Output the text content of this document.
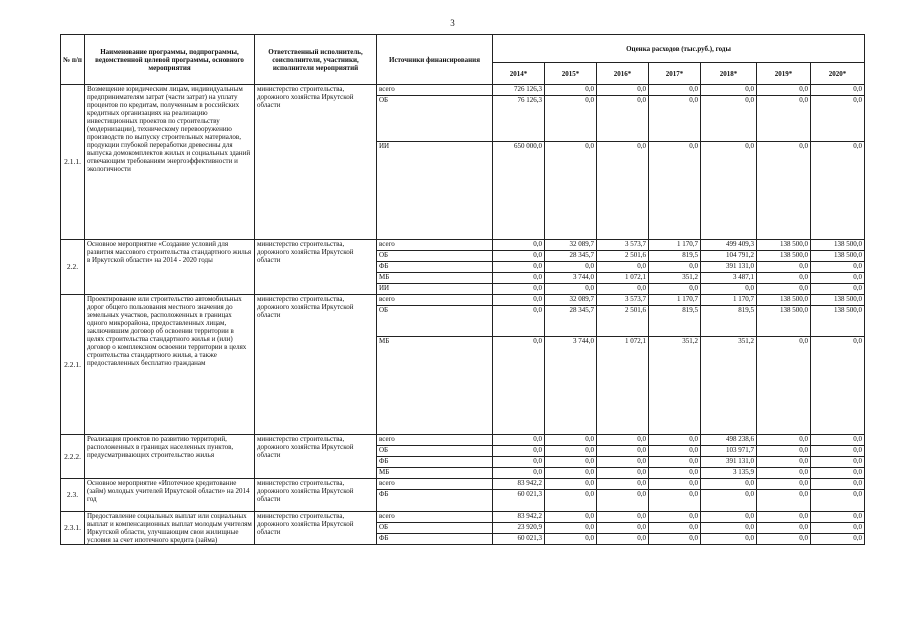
3
№ п/п	Наименование программы, подпрограммы, ведомственной целевой программы, основного мероприятия	Ответственный исполнитель, соисполнители, участники, исполнители мероприятий	Источники финансирования	Оценка расходов (тыс.руб.), годы						
				2014*	2015*	2016*	2017*	2018*	2019*	2020*
2.1.1.	Возмещение юридическим лицам, индивидуальным предпринимателям затрат (части затрат) на уплату процентов по кредитам, полученным в российских кредитных организациях на реализацию инвестиционных проектов по строительству (модернизации), техническому перевооружению производств по выпуску строительных материалов, продукции глубокой переработки древесины для выпуска домокомплектов жилых и социальных зданий отвечающим требованиям энергоэффективности и экологичности	министерство строительства, дорожного хозяйства Иркутской области	всего	726 126,3	0,0	0,0	0,0	0,0	0,0	0,0
			ОБ	76 126,3	0,0	0,0	0,0	0,0	0,0	0,0
			ИИ	650 000,0	0,0	0,0	0,0	0,0	0,0	0,0
2.2.	Основное мероприятие «Создание условий для развития массового строительства стандартного жилья в Иркутской области» на 2014 - 2020 годы	министерство строительства, дорожного хозяйства Иркутской области	всего	0,0	32 089,7	3 573,7	1 170,7	499 409,3	138 500,0	138 500,0
			ОБ	0,0	28 345,7	2 501,6	819,5	104 791,2	138 500,0	138 500,0
			ФБ	0,0	0,0	0,0	0,0	391 131,0	0,0	0,0
			МБ	0,0	3 744,0	1 072,1	351,2	3 487,1	0,0	0,0
			ИИ	0,0	0,0	0,0	0,0	0,0	0,0	0,0
2.2.1.	Проектирование или строительство автомобильных дорог общего пользования местного значения до земельных участков, расположенных в границах одного микрорайона, предоставленных лицам, заключившим договор об освоении территории в целях строительства стандартного жилья и (или) договор о комплексном освоении территории в целях строительства стандартного жилья, а также предоставленных бесплатно гражданам	министерство строительства, дорожного хозяйства Иркутской области	всего	0,0	32 089,7	3 573,7	1 170,7	1 170,7	138 500,0	138 500,0
			ОБ	0,0	28 345,7	2 501,6	819,5	819,5	138 500,0	138 500,0
			МБ	0,0	3 744,0	1 072,1	351,2	351,2	0,0	0,0
2.2.2.	Реализация проектов по развитию территорий, расположенных в границах населенных пунктов, предусматривающих строительство жилья	министерство строительства, дорожного хозяйства Иркутской области	всего	0,0	0,0	0,0	0,0	498 238,6	0,0	0,0
			ОБ	0,0	0,0	0,0	0,0	103 971,7	0,0	0,0
			ФБ	0,0	0,0	0,0	0,0	391 131,0	0,0	0,0
			МБ	0,0	0,0	0,0	0,0	3 135,9	0,0	0,0
2.3.	Основное мероприятие «Ипотечное кредитование (займ) молодых учителей Иркутской области» на 2014 год	министерство строительства, дорожного хозяйства Иркутской области	всего	83 942,2	0,0	0,0	0,0	0,0	0,0	0,0
			ФБ	60 021,3	0,0	0,0	0,0	0,0	0,0	0,0
2.3.1.	Предоставление социальных выплат или социальных выплат и компенсационных выплат молодым учителям Иркутской области, улучшающим свои жилищные условия за счет ипотечного кредита (займа)	министерство строительства, дорожного хозяйства Иркутской области	всего	83 942,2	0,0	0,0	0,0	0,0	0,0	0,0
			ОБ	23 920,9	0,0	0,0	0,0	0,0	0,0	0,0
			ФБ	60 021,3	0,0	0,0	0,0	0,0	0,0	0,0
